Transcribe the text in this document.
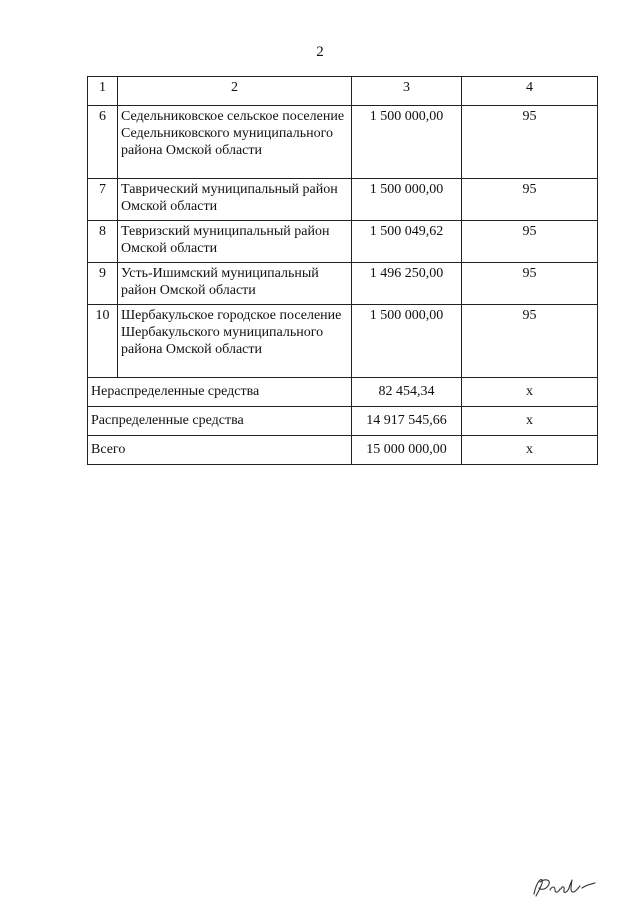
2
1	2	3	4
6	Седельниковское сельское поселение Седельниковского муниципального района Омской области	1 500 000,00	95
7	Таврический муниципальный район Омской области	1 500 000,00	95
8	Тевризский муниципальный район Омской области	1 500 049,62	95
9	Усть-Ишимский муниципальный район Омской области	1 496 250,00	95
10	Шербакульское городское поселение Шербакульского муниципального района Омской области	1 500 000,00	95
Нераспределенные средства		82 454,34	х
Распределенные средства		14 917 545,66	х
Всего		15 000 000,00	х
